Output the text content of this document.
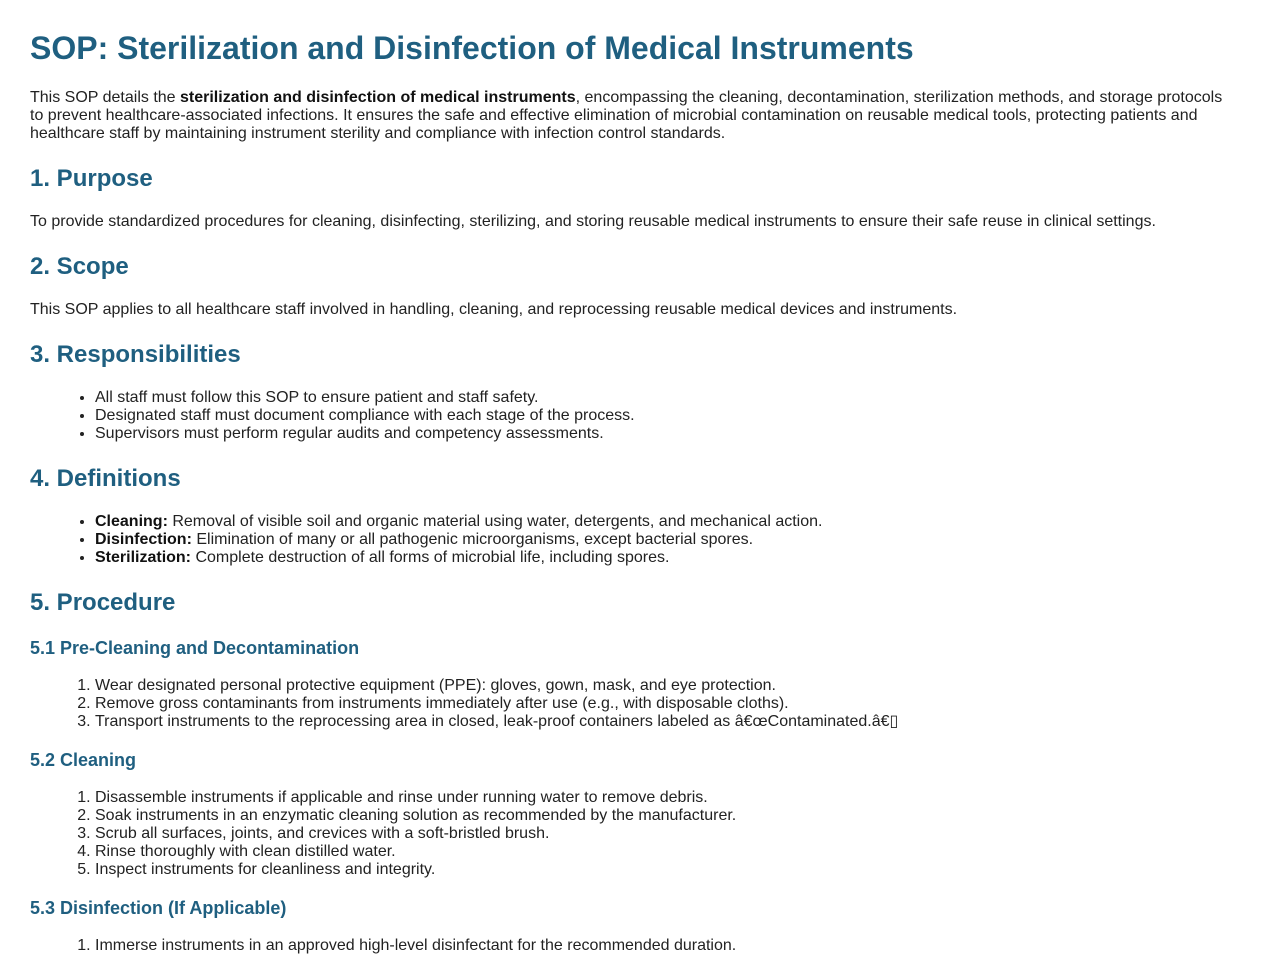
SOP: Sterilization and Disinfection of Medical Instruments

This SOP details the sterilization and disinfection of medical instruments, encompassing the cleaning, decontamination, sterilization methods, and storage protocols to prevent healthcare-associated infections. It ensures the safe and effective elimination of microbial contamination on reusable medical tools, protecting patients and healthcare staff by maintaining instrument sterility and compliance with infection control standards.

1. Purpose

To provide standardized procedures for cleaning, disinfecting, sterilizing, and storing reusable medical instruments to ensure their safe reuse in clinical settings.

2. Scope

This SOP applies to all healthcare staff involved in handling, cleaning, and reprocessing reusable medical devices and instruments.

3. Responsibilities
• All staff must follow this SOP to ensure patient and staff safety.
• Designated staff must document compliance with each stage of the process.
• Supervisors must perform regular audits and competency assessments.
4. Definitions
• Cleaning: Removal of visible soil and organic material using water, detergents, and mechanical action.
• Disinfection: Elimination of many or all pathogenic microorganisms, except bacterial spores.
• Sterilization: Complete destruction of all forms of microbial life, including spores.
5. Procedure
5.1 Pre-Cleaning and Decontamination
1. Wear designated personal protective equipment (PPE): gloves, gown, mask, and eye protection.
2. Remove gross contaminants from instruments immediately after use (e.g., with disposable cloths).
3. Transport instruments to the reprocessing area in closed, leak-proof containers labeled as â€œContaminated.â€▯
5.2 Cleaning
1. Disassemble instruments if applicable and rinse under running water to remove debris.
2. Soak instruments in an enzymatic cleaning solution as recommended by the manufacturer.
3. Scrub all surfaces, joints, and crevices with a soft-bristled brush.
4. Rinse thoroughly with clean distilled water.
5. Inspect instruments for cleanliness and integrity.
5.3 Disinfection (If Applicable)
1. Immerse instruments in an approved high-level disinfectant for the recommended duration.
